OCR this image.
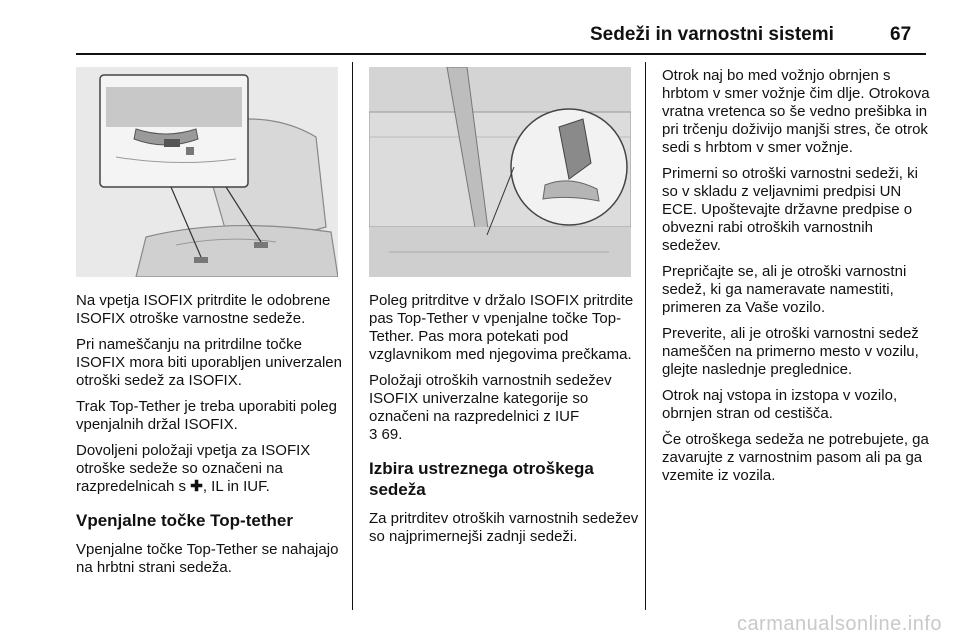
Sedeži in varnostni sistemi	67

Na vpetja ISOFIX pritrdite le odobrene ISOFIX otroške varnostne sedeže.

Pri nameščanju na pritrdilne točke ISOFIX mora biti uporabljen univerzalen otroški sedež za ISOFIX.

Trak Top-Tether je treba uporabiti poleg vpenjalnih držal ISOFIX.

Dovoljeni položaji vpetja za ISOFIX otroške sedeže so označeni na razpredelnicah s ✚, IL in IUF.

Vpenjalne točke Top-tether

Vpenjalne točke Top-Tether se nahajajo na hrbtni strani sedeža.

Poleg pritrditve v držalo ISOFIX pritrdite pas Top-Tether v vpenjalne točke Top-Tether. Pas mora potekati pod vzglavnikom med njegovima prečkama.

Položaji otroških varnostnih sedežev ISOFIX univerzalne kategorije so označeni na razpredelnici z IUF
3 69.

Izbira ustreznega otroškega sedeža

Za pritrditev otroških varnostnih sedežev so najprimernejši zadnji sedeži.

Otrok naj bo med vožnjo obrnjen s hrbtom v smer vožnje čim dlje. Otrokova vratna vretenca so še vedno prešibka in pri trčenju doživijo manjši stres, če otrok sedi s hrbtom v smer vožnje.

Primerni so otroški varnostni sedeži, ki so v skladu z veljavnimi predpisi UN ECE. Upoštevajte državne predpise o obvezni rabi otroških varnostnih sedežev.

Prepričajte se, ali je otroški varnostni sedež, ki ga nameravate namestiti, primeren za Vaše vozilo.

Preverite, ali je otroški varnostni sedež nameščen na primerno mesto v vozilu, glejte naslednje preglednice.

Otrok naj vstopa in izstopa v vozilo, obrnjen stran od cestišča.

Če otroškega sedeža ne potrebujete, ga zavarujte z varnostnim pasom ali pa ga vzemite iz vozila.

carmanualsonline.info
